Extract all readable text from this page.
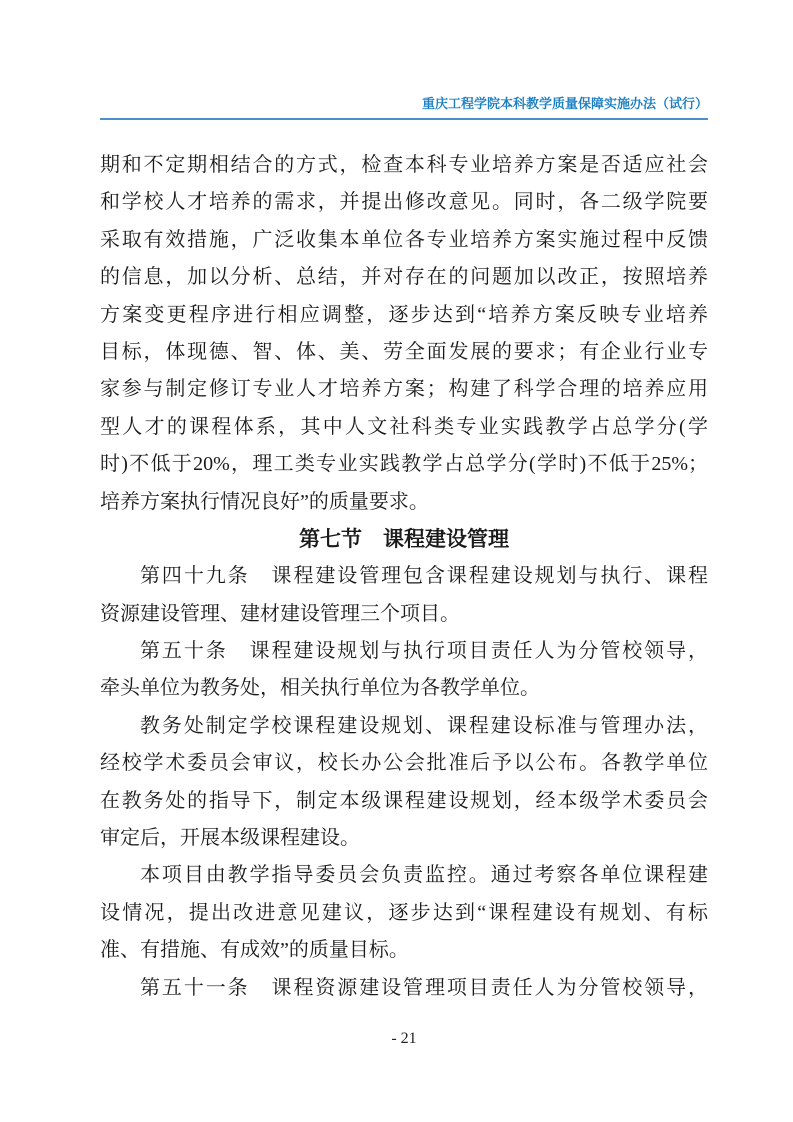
重庆工程学院本科教学质量保障实施办法（试行）
期和不定期相结合的方式，检查本科专业培养方案是否适应社会
和学校人才培养的需求，并提出修改意见。同时，各二级学院要
采取有效措施，广泛收集本单位各专业培养方案实施过程中反馈
的信息，加以分析、总结，并对存在的问题加以改正，按照培养
方案变更程序进行相应调整，逐步达到“培养方案反映专业培养
目标，体现德、智、体、美、劳全面发展的要求；有企业行业专
家参与制定修订专业人才培养方案；构建了科学合理的培养应用
型人才的课程体系，其中人文社科类专业实践教学占总学分(学
时)不低于20%，理工类专业实践教学占总学分(学时)不低于25%；
培养方案执行情况良好”的质量要求。
第七节　课程建设管理
第四十九条　课程建设管理包含课程建设规划与执行、课程
资源建设管理、建材建设管理三个项目。
第五十条　课程建设规划与执行项目责任人为分管校领导，
牵头单位为教务处，相关执行单位为各教学单位。
教务处制定学校课程建设规划、课程建设标准与管理办法，
经校学术委员会审议，校长办公会批准后予以公布。各教学单位
在教务处的指导下，制定本级课程建设规划，经本级学术委员会
审定后，开展本级课程建设。
本项目由教学指导委员会负责监控。通过考察各单位课程建
设情况，提出改进意见建议，逐步达到“课程建设有规划、有标
准、有措施、有成效”的质量目标。
第五十一条　课程资源建设管理项目责任人为分管校领导，
- 21
